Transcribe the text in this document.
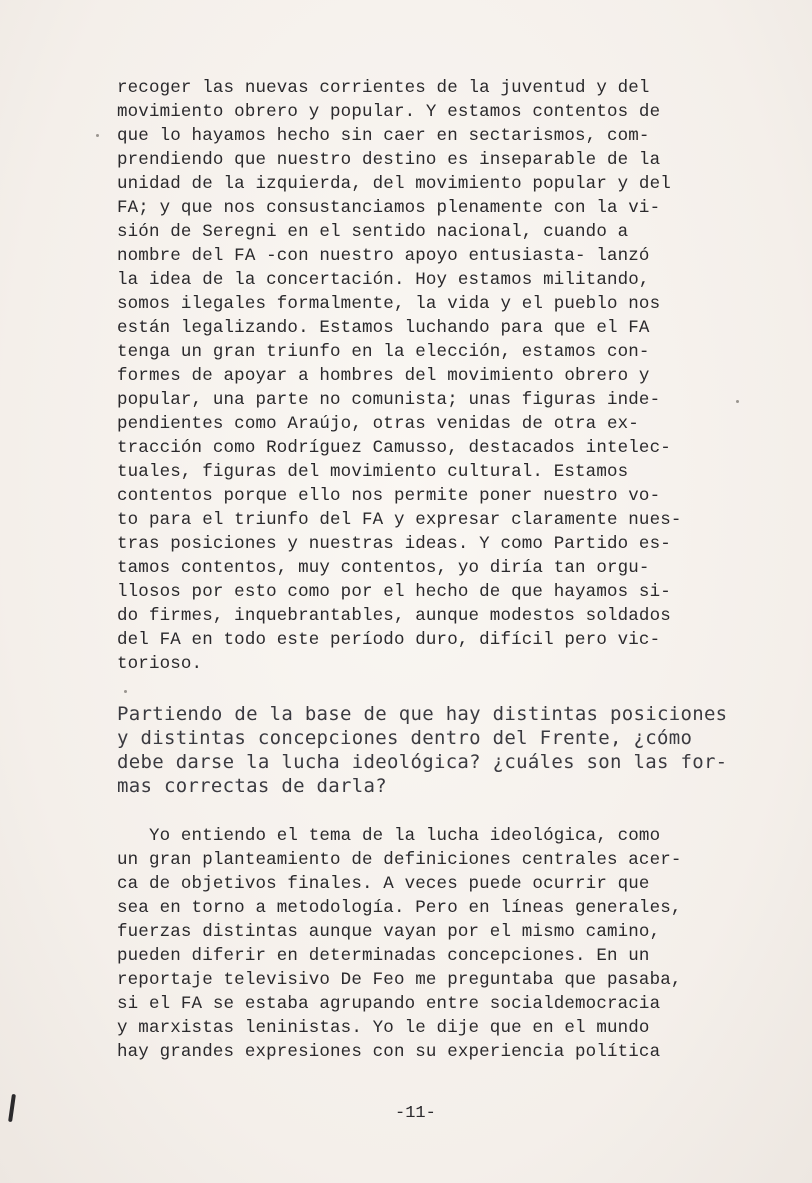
recoger las nuevas corrientes de la juventud y del
movimiento obrero y popular. Y estamos contentos de
que lo hayamos hecho sin caer en sectarismos, com-
prendiendo que nuestro destino es inseparable de la
unidad de la izquierda, del movimiento popular y del
FA; y que nos consustanciamos plenamente con la vi-
sión de Seregni en el sentido nacional, cuando a
nombre del FA -con nuestro apoyo entusiasta- lanzó
la idea de la concertación. Hoy estamos militando,
somos ilegales formalmente, la vida y el pueblo nos
están legalizando. Estamos luchando para que el FA
tenga un gran triunfo en la elección, estamos con-
formes de apoyar a hombres del movimiento obrero y
popular, una parte no comunista; unas figuras inde-
pendientes como Araújo, otras venidas de otra ex-
tracción como Rodríguez Camusso, destacados intelec-
tuales, figuras del movimiento cultural. Estamos
contentos porque ello nos permite poner nuestro vo-
to para el triunfo del FA y expresar claramente nues-
tras posiciones y nuestras ideas. Y como Partido es-
tamos contentos, muy contentos, yo diría tan orgu-
llosos por esto como por el hecho de que hayamos si-
do firmes, inquebrantables, aunque modestos soldados
del FA en todo este período duro, difícil pero vic-
torioso.
Partiendo de la base de que hay distintas posiciones
y distintas concepciones dentro del Frente, ¿cómo
debe darse la lucha ideológica? ¿cuáles son las for-
mas correctas de darla?
Yo entiendo el tema de la lucha ideológica, como
un gran planteamiento de definiciones centrales acer-
ca de objetivos finales. A veces puede ocurrir que
sea en torno a metodología. Pero en líneas generales,
fuerzas distintas aunque vayan por el mismo camino,
pueden diferir en determinadas concepciones. En un
reportaje televisivo De Feo me preguntaba que pasaba,
si el FA se estaba agrupando entre socialdemocracia
y marxistas leninistas. Yo le dije que en el mundo
hay grandes expresiones con su experiencia política
-11-
